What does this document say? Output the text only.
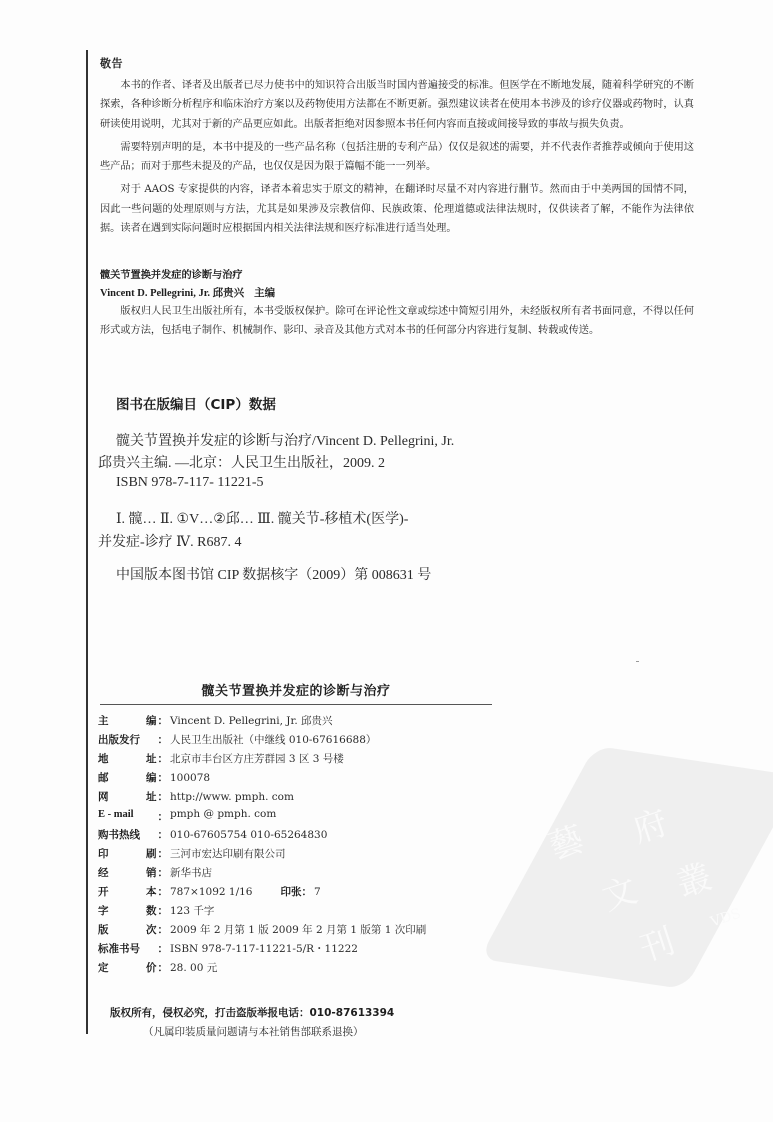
敬告

本书的作者、译者及出版者已尽力使书中的知识符合出版当时国内普遍接受的标准。但医学在不断地发展，随着科学研究的不断探索，各种诊断分析程序和临床治疗方案以及药物使用方法都在不断更新。强烈建议读者在使用本书涉及的诊疗仪器或药物时，认真研读使用说明，尤其对于新的产品更应如此。出版者拒绝对因参照本书任何内容而直接或间接导致的事故与损失负责。

需要特别声明的是，本书中提及的一些产品名称（包括注册的专利产品）仅仅是叙述的需要，并不代表作者推荐或倾向于使用这些产品；而对于那些未提及的产品，也仅仅是因为限于篇幅不能一一列举。

对于 AAOS 专家提供的内容，译者本着忠实于原文的精神，在翻译时尽量不对内容进行删节。然而由于中美两国的国情不同，因此一些问题的处理原则与方法，尤其是如果涉及宗教信仰、民族政策、伦理道德或法律法规时，仅供读者了解，不能作为法律依据。读者在遇到实际问题时应根据国内相关法律法规和医疗标准进行适当处理。

髋关节置换并发症的诊断与治疗
Vincent D. Pellegrini, Jr. 邱贵兴 主编

版权归人民卫生出版社所有，本书受版权保护。除可在评论性文章或综述中简短引用外，未经版权所有者书面同意，不得以任何形式或方法，包括电子制作、机械制作、影印、录音及其他方式对本书的任何部分内容进行复制、转载或传送。

图书在版编目（CIP）数据
髋关节置换并发症的诊断与治疗/Vincent D. Pellegrini, Jr.
邱贵兴主编. —北京：人民卫生出版社，2009. 2
ISBN 978-7-117- 11221-5
Ⅰ. 髋… Ⅱ. ①V…②邱… Ⅲ. 髋关节-移植术(医学)-
并发症-诊疗 Ⅳ. R687. 4
中国版本图书馆 CIP 数据核字（2009）第 008631 号
藝 府
文 叢
刊
VDS
髋关节置换并发症的诊断与治疗
主	编： Vincent D. Pellegrini, Jr. 邱贵兴
出版发行 ： 人民卫生出版社（中继线 010-67616688）
地	址： 北京市丰台区方庄芳群园 3 区 3 号楼
邮	编： 100078
网	址： http://www. pmph. com
E - mail ： pmph @ pmph. com
购书热线 ： 010-67605754 010-65264830
印	刷： 三河市宏达印刷有限公司
经	销： 新华书店
开	本： 787×1092 1/16	印张： 7
字	数： 123 千字
版	次： 2009 年 2 月第 1 版 2009 年 2 月第 1 版第 1 次印刷
标准书号 ： ISBN 978-7-117-11221-5/R・11222
定	价： 28. 00 元
版权所有，侵权必究，打击盗版举报电话：010-87613394
（凡属印装质量问题请与本社销售部联系退换）
